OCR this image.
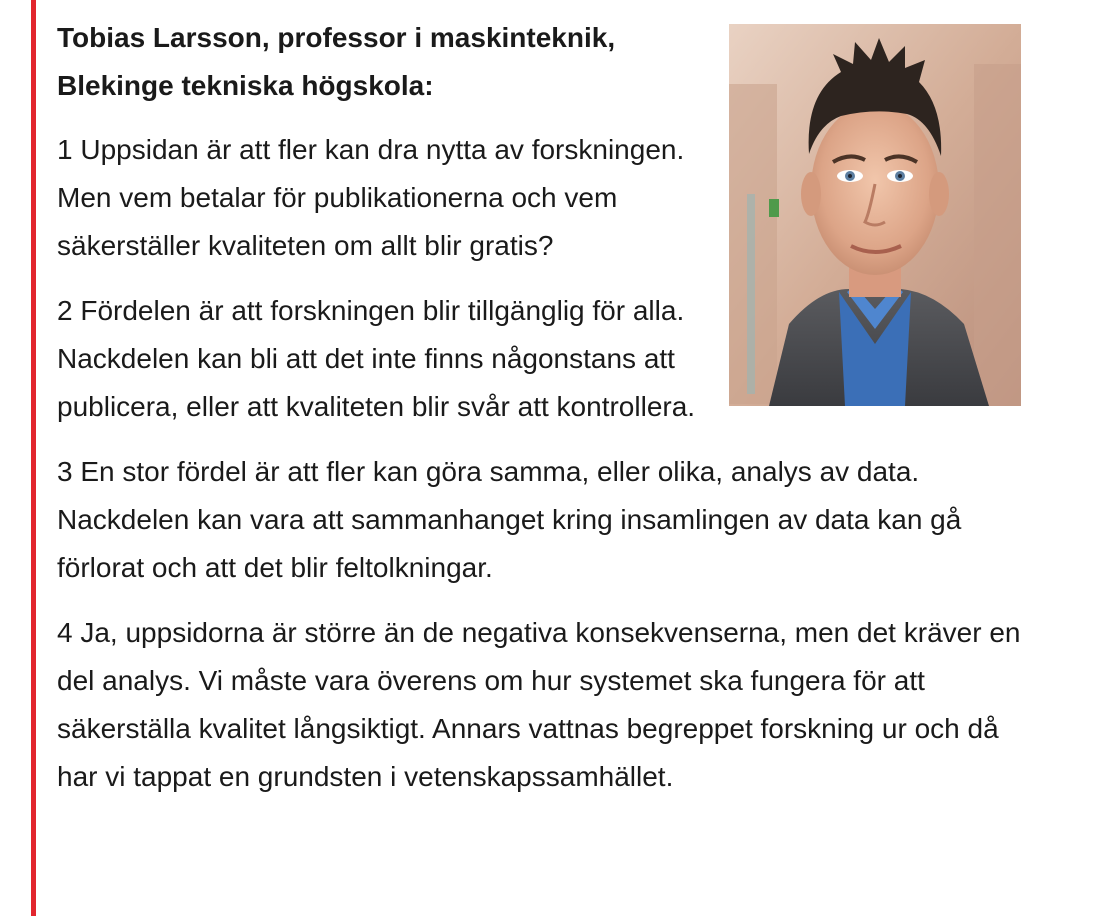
Tobias Larsson, professor i maskinteknik,
Blekinge tekniska högskola:

1 Uppsidan är att fler kan dra nytta av forskningen. Men vem betalar för publikationerna och vem säkerställer kvaliteten om allt blir gratis?

2 Fördelen är att forskningen blir tillgänglig för alla. Nackdelen kan bli att det inte finns någonstans att publicera, eller att kvaliteten blir svår att kontrollera.

3 En stor fördel är att fler kan göra samma, eller olika, analys av data. Nackdelen kan vara att sammanhanget kring insamlingen av data kan gå förlorat och att det blir feltolkningar.

4 Ja, uppsidorna är större än de negativa konsekvenserna, men det kräver en del analys. Vi måste vara överens om hur systemet ska fungera för att säkerställa kvalitet långsiktigt. Annars vattnas begreppet forskning ur och då har vi tappat en grundsten i vetenskapssamhället.
